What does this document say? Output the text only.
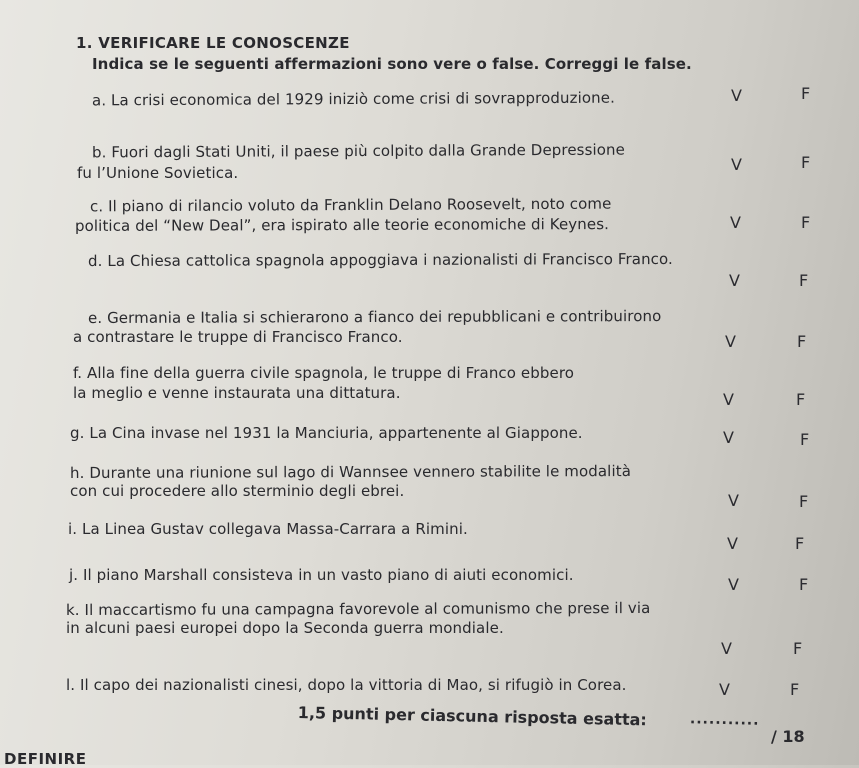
1. VERIFICARE LE CONOSCENZE
Indica se le seguenti affermazioni sono vere o false. Correggi le false.
a. La crisi economica del 1929 iniziò come crisi di sovrapproduzione.	V	F
b. Fuori dagli Stati Uniti, il paese più colpito dalla Grande Depressione
fu l’Unione Sovietica.	V	F
c. Il piano di rilancio voluto da Franklin Delano Roosevelt, noto come
politica del “New Deal”, era ispirato alle teorie economiche di Keynes.	V	F
d. La Chiesa cattolica spagnola appoggiava i nazionalisti di Francisco Franco.
V	F
e. Germania e Italia si schierarono a fianco dei repubblicani e contribuirono
a contrastare le truppe di Francisco Franco.	V	F
f. Alla fine della guerra civile spagnola, le truppe di Franco ebbero
la meglio e venne instaurata una dittatura.	V	F
g. La Cina invase nel 1931 la Manciuria, appartenente al Giappone.	V	F
h. Durante una riunione sul lago di Wannsee vennero stabilite le modalità
con cui procedere allo sterminio degli ebrei.	V	F
i. La Linea Gustav collegava Massa-Carrara a Rimini.
V	F
j. Il piano Marshall consisteva in un vasto piano di aiuti economici.	V	F
k. Il maccartismo fu una campagna favorevole al comunismo che prese il via
in alcuni paesi europei dopo la Seconda guerra mondiale.
V	F
l. Il capo dei nazionalisti cinesi, dopo la vittoria di Mao, si rifugiò in Corea.	V	F
1,5 punti per ciascuna risposta esatta:	...........
/ 18
DEFINIRE
